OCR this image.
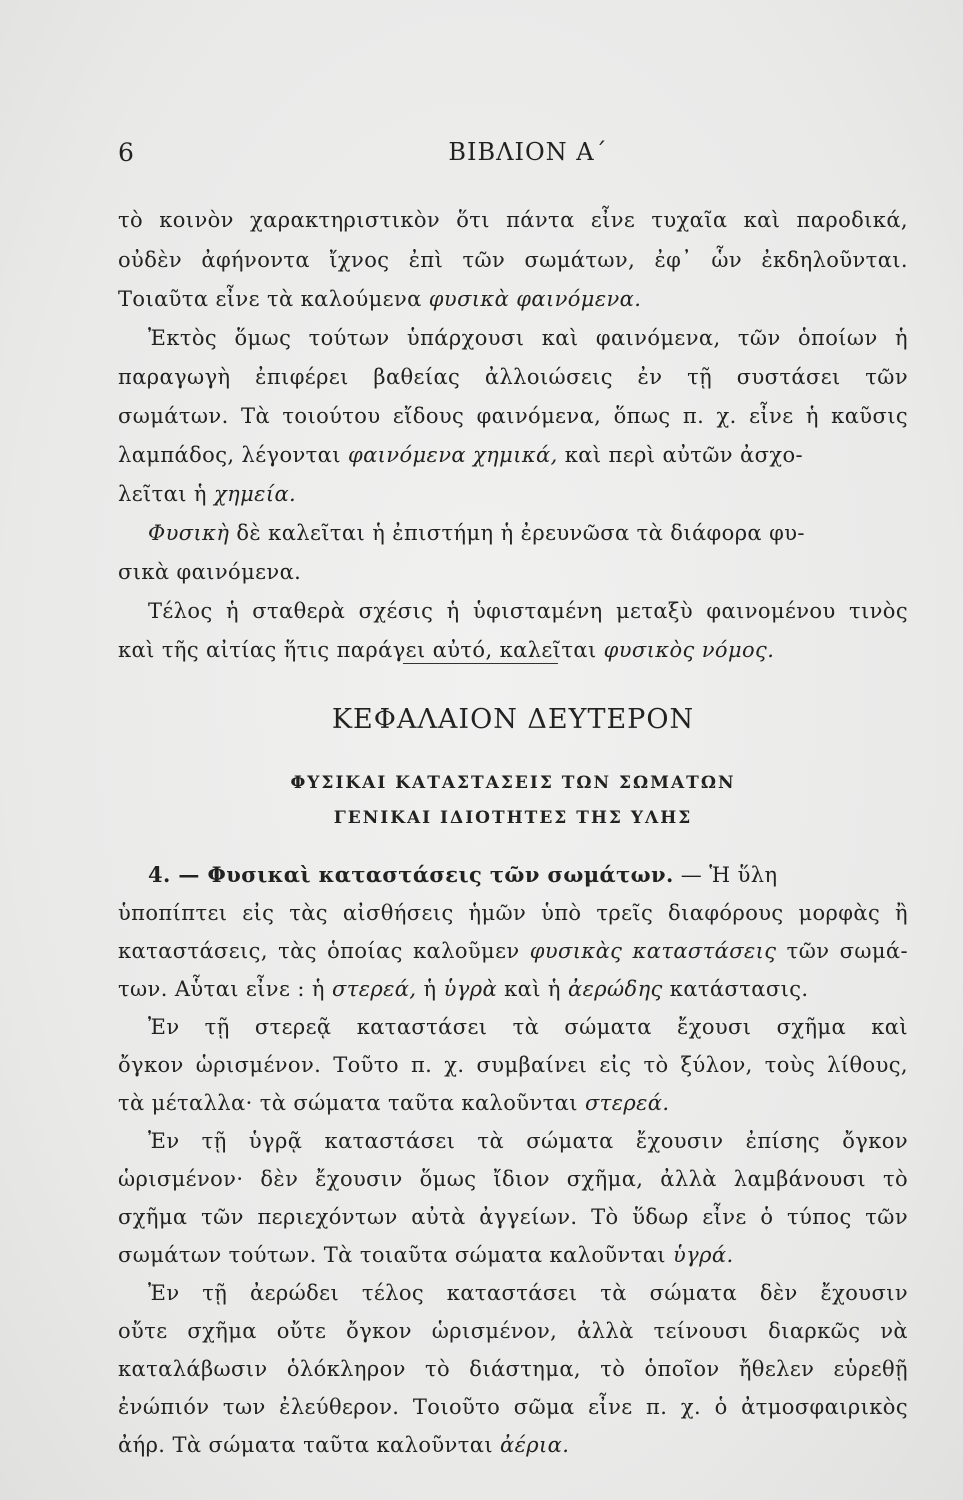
6	ΒΙΒΛΙΟΝ Α΄
τὸ κοινὸν χαρακτηριστικὸν ὅτι πάντα εἶνε τυχαῖα καὶ παροδικά,
οὐδὲν ἀφήνοντα ἴχνος ἐπὶ τῶν σωμάτων, ἐφ᾽ ὧν ἐκδηλοῦνται.
Τοιαῦτα εἶνε τὰ καλούμενα φυσικὰ φαινόμενα.
Ἐκτὸς ὅμως τούτων ὑπάρχουσι καὶ φαινόμενα, τῶν ὁποίων ἡ
παραγωγὴ ἐπιφέρει βαθείας ἀλλοιώσεις ἐν τῇ συστάσει τῶν
σωμάτων. Τὰ τοιούτου εἴδους φαινόμενα, ὅπως π. χ. εἶνε ἡ καῦσις
λαμπάδος, λέγονται φαινόμενα χημικά, καὶ περὶ αὐτῶν ἀσχο-
λεῖται ἡ χημεία.
Φυσικὴ δὲ καλεῖται ἡ ἐπιστήμη ἡ ἐρευνῶσα τὰ διάφορα φυ-
σικὰ φαινόμενα.
Τέλος ἡ σταθερὰ σχέσις ἡ ὑφισταμένη μεταξὺ φαινομένου τινὸς
καὶ τῆς αἰτίας ἥτις παράγει αὐτό, καλεῖται φυσικὸς νόμος.
ΚΕΦΑΛΑΙΟΝ ΔΕΥΤΕΡΟΝ
ΦΥΣΙΚΑΙ ΚΑΤΑΣΤΑΣΕΙΣ ΤΩΝ ΣΩΜΑΤΩΝ
ΓΕΝΙΚΑΙ ΙΔΙΟΤΗΤΕΣ ΤΗΣ ΥΛΗΣ
4. — Φυσικαὶ καταστάσεις τῶν σωμάτων. — Ἡ ὕλη
ὑποπίπτει εἰς τὰς αἰσθήσεις ἡμῶν ὑπὸ τρεῖς διαφόρους μορφὰς ἢ
καταστάσεις, τὰς ὁποίας καλοῦμεν φυσικὰς καταστάσεις τῶν σωμά-
των. Αὗται εἶνε : ἡ στερεά, ἡ ὑγρὰ καὶ ἡ ἀερώδης κατάστασις.
Ἐν τῇ στερεᾷ καταστάσει τὰ σώματα ἔχουσι σχῆμα καὶ
ὄγκον ὡρισμένον. Τοῦτο π. χ. συμβαίνει εἰς τὸ ξύλον, τοὺς λίθους,
τὰ μέταλλα· τὰ σώματα ταῦτα καλοῦνται στερεά.
Ἐν τῇ ὑγρᾷ καταστάσει τὰ σώματα ἔχουσιν ἐπίσης ὄγκον
ὡρισμένον· δὲν ἔχουσιν ὅμως ἴδιον σχῆμα, ἀλλὰ λαμβάνουσι τὸ
σχῆμα τῶν περιεχόντων αὐτὰ ἀγγείων. Τὸ ὕδωρ εἶνε ὁ τύπος τῶν
σωμάτων τούτων. Τὰ τοιαῦτα σώματα καλοῦνται ὑγρά.
Ἐν τῇ ἀερώδει τέλος καταστάσει τὰ σώματα δὲν ἔχουσιν
οὔτε σχῆμα οὔτε ὄγκον ὡρισμένον, ἀλλὰ τείνουσι διαρκῶς νὰ
καταλάβωσιν ὁλόκληρον τὸ διάστημα, τὸ ὁποῖον ἤθελεν εὑρεθῇ
ἐνώπιόν των ἐλεύθερον. Τοιοῦτο σῶμα εἶνε π. χ. ὁ ἀτμοσφαιρικὸς
ἀήρ. Τὰ σώματα ταῦτα καλοῦνται ἀέρια.
